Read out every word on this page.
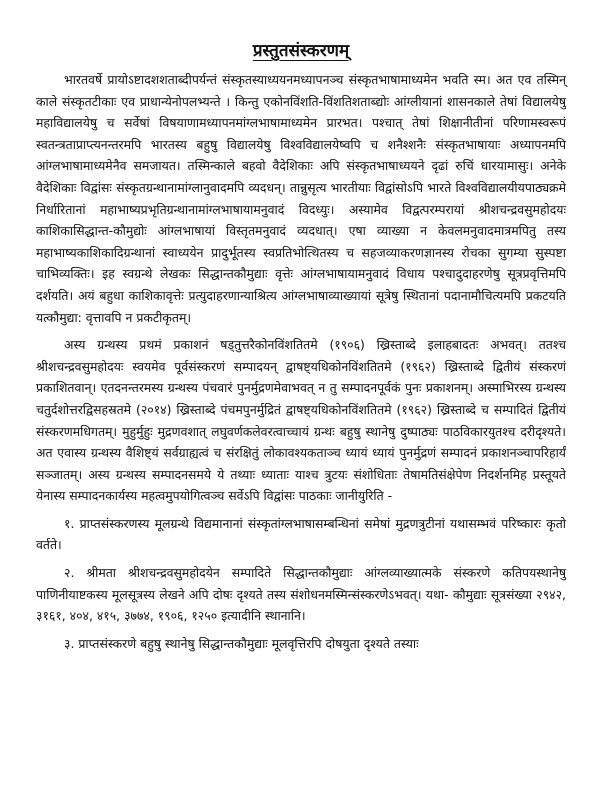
प्रस्तुतसंस्करणम्

भारतवर्षे प्रायोऽष्टादशशताब्दीपर्यन्तं संस्कृतस्याध्ययनमध्यापनञ्च संस्कृतभाषामाध्यमेन भवति स्म। अत एव तस्मिन् काले संस्कृतटीकाः एव प्राधान्येनोपलभ्यन्ते । किन्तु एकोनविंशति-विंशतिशताब्द्योः आंग्लीयानां शासनकाले तेषां विद्यालयेषु महाविद्यालयेषु च सर्वेषां विषयाणामध्यापनमांग्लभाषामाध्यमेन प्रारभत। पश्चात् तेषां शिक्षानीतीनां परिणामस्वरूपं स्वतन्त्रताप्राप्त्यनन्तरमपि भारतस्य बहुषु विद्यालयेषु विश्वविद्यालयेष्वपि च शनैश्शनैः संस्कृतभाषायाः अध्यापनमपि आंग्लभाषामाध्यमेनैव समजायत। तस्मिन्काले बहवो वैदेशिकाः अपि संस्कृतभाषाध्ययने दृढां रुचिं धारयामासुः। अनेके वैदेशिकाः विद्वांसः संस्कृतग्रन्थानामांग्लानुवादमपि व्यदधन्। तान्नुसृत्य भारतीयाः विद्वांसोऽपि भारते विश्वविद्यालयीयपाठ्यक्रमे निर्धारितानां महाभाष्यप्रभृतिग्रन्थानामांग्लभाषायामनुवादं विदध्युः। अस्यामेव विद्वत्परम्परायां श्रीशचन्द्रवसुमहोदयः काशिकासिद्धान्त-कौमुद्योः आंग्लभाषायां विस्तृतमनुवादं व्यदधात्। एषा व्याख्या न केवलमनुवादमात्रमपितु तस्य महाभाष्यकाशिकादिग्रन्थानां स्वाध्ययेन प्रादुर्भूतस्य स्वप्रतिभोत्थितस्य च सहजव्याकरणज्ञानस्य रोचका सुगम्या सुस्पष्टा चाभिव्यक्तिः। इह स्वग्रन्थे लेखकः सिद्धान्तकौमुद्याः वृत्तेः आंग्लभाषायामनुवादं विधाय पश्चादुदाहरणेषु सूत्रप्रवृत्तिमपि दर्शयति। अयं बहुधा काशिकावृत्तेः प्रत्युदाहरणान्याश्रित्य आंग्लभाषाव्याख्यायां सूत्रेषु स्थितानां पदानामौचित्यमपि प्रकटयति यत्कौमुद्या: वृत्तावपि न प्रकटीकृतम्।

अस्य ग्रन्थस्य प्रथमं प्रकाशनं षड्तुत्तरैकोनविंशतितमे (१९०६) ख्रिस्ताब्दे इलाहबादतः अभवत्। ततश्च श्रीशचन्द्रवसुमहोदयः स्वयमेव पूर्वसंस्करणं सम्पादयन् द्वाषष्ट्यधिकोनविंशतितमे (१९६२) ख्रिस्ताब्दे द्वितीयं संस्करणं प्रकाशितवान्। एतदनन्तरमस्य ग्रन्थस्य पंचवारं पुनर्मुद्रणमेवाभवत् न तु सम्पादनपूर्वकं पुनः प्रकाशनम्। अस्माभिरस्य ग्रन्थस्य चतुर्दशोत्तरद्विसहस्रतमे (२०१४) ख्रिस्ताब्दे पंचमपुनर्मुद्रितं द्वाषष्ट्यधिकोनविंशतितमे (१९६२) ख्रिस्ताब्दे च सम्पादितं द्वितीयं संस्करणमधिगतम्। मुहुर्मुहुः मुद्रणवशात् लघुवर्णकलेवरत्वाच्चायं ग्रन्थः बहुषु स्थानेषु दुष्पाठ्यः पाठविकारयुतश्च दरीदृश्यते। अत एवास्य ग्रन्थस्य वैशिष्ट्यं सर्वग्राह्यत्वं च संरक्षितुं लोकावश्यकताञ्च ध्यायं ध्यायं पुनर्मुद्रणं सम्पादनं प्रकाशनञ्चापरिहार्यं सञ्जातम्। अस्य ग्रन्थस्य सम्पादनसमये ये तथ्याः ध्याताः याश्च त्रुटयः संशोधिताः तेषामतिसंक्षेपेण निदर्शनमिह प्रस्तूयते येनास्य सम्पादनकार्यस्य महत्वमुपयोगित्वञ्च सर्वेऽपि विद्वांसः पाठकाः जानीयुरिति -

१. प्राप्तसंस्करणस्य मूलग्रन्थे विद्यमानानां संस्कृतांग्लभाषासम्बन्धिनां समेषां मुद्रणत्रुटीनां यथासम्भवं परिष्कारः कृतो वर्तते।

२. श्रीमता श्रीशचन्द्रवसुमहोदयेन सम्पादिते सिद्धान्तकौमुद्याः आंग्लव्याख्यात्मके संस्करणे कतिपयस्थानेषु पाणिनीयाष्टकस्य मूलसूत्रस्य लेखने अपि दोषः दृश्यते तस्य संशोधनमस्मिन्संस्करणेऽभवत्। यथा- कौमुद्याः सूत्रसंख्या २९४२, ३१६१, ४०४, ४१५, ३७७४, १९०६, १२५० इत्यादीनि स्थानानि।

३. प्राप्तसंस्करणे बहुषु स्थानेषु सिद्धान्तकौमुद्याः मूलवृत्तिरपि दोषयुता दृश्यते तस्याः
